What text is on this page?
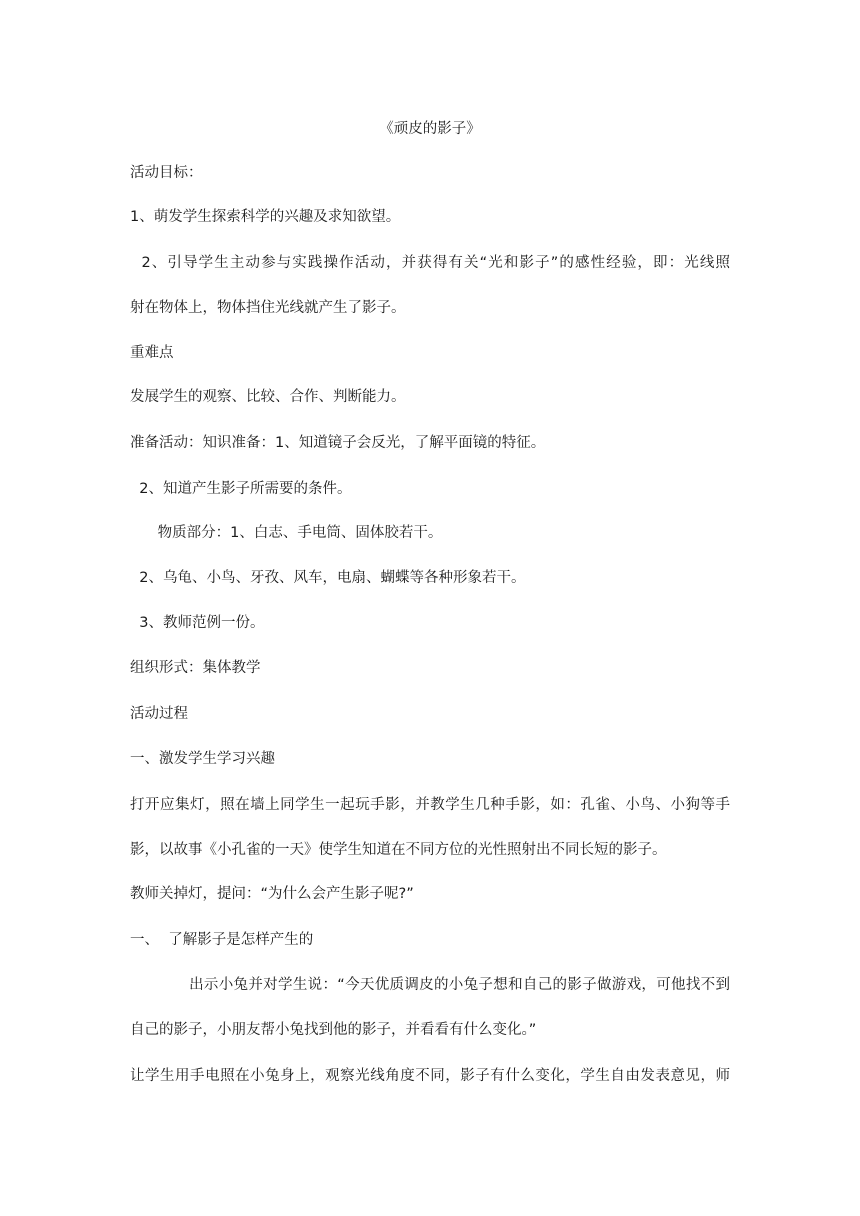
《顽皮的影子》
活动目标：
1、萌发学生探索科学的兴趣及求知欲望。
2、引导学生主动参与实践操作活动，并获得有关“光和影子”的感性经验，即：光线照
射在物体上，物体挡住光线就产生了影子。
重难点
发展学生的观察、比较、合作、判断能力。
准备活动：知识准备：1、知道镜子会反光，了解平面镜的特征。
2、知道产生影子所需要的条件。
物质部分：1、白志、手电筒、固体胶若干。
2、乌龟、小鸟、牙孜、风车，电扇、蝴蝶等各种形象若干。
3、教师范例一份。
组织形式：集体教学
活动过程
一、激发学生学习兴趣
打开应集灯，照在墙上同学生一起玩手影，并教学生几种手影，如：孔雀、小鸟、小狗等手
影，以故事《小孔雀的一天》使学生知道在不同方位的光性照射出不同长短的影子。
教师关掉灯，提问：“为什么会产生影子呢?”
一、  了解影子是怎样产生的
出示小兔并对学生说：“今天优质调皮的小兔子想和自己的影子做游戏，可他找不到
自己的影子，小朋友帮小兔找到他的影子，并看看有什么变化。”
让学生用手电照在小兔身上，观察光线角度不同，影子有什么变化，学生自由发表意见，师
